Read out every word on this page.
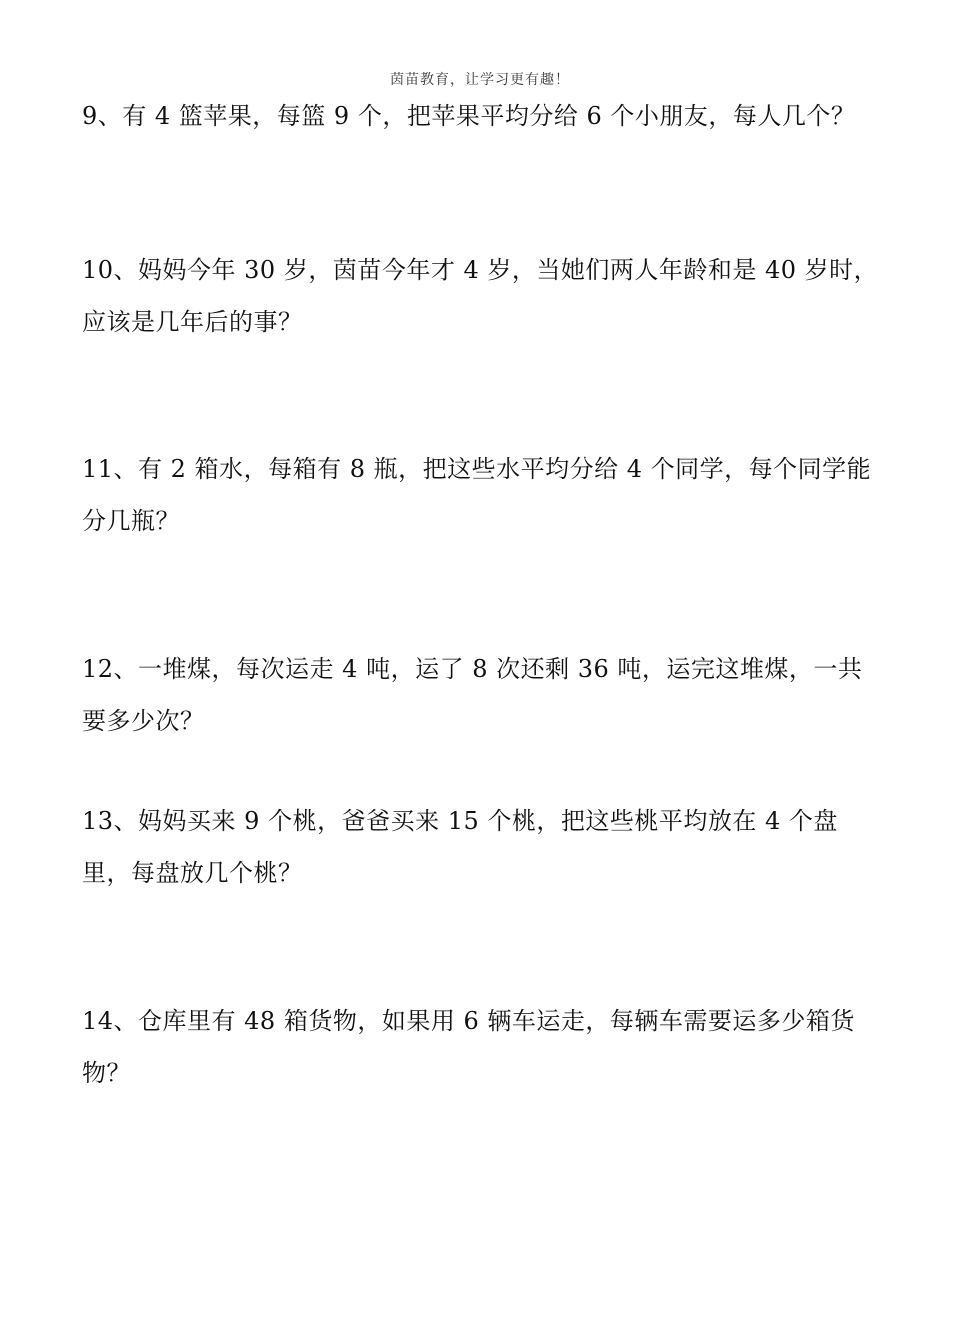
茵苗教育，让学习更有趣！

9、有 4 篮苹果，每篮 9 个，把苹果平均分给 6 个小朋友，每人几个？

10、妈妈今年 30 岁，茵苗今年才 4 岁，当她们两人年龄和是 40 岁时，应该是几年后的事？

11、有 2 箱水，每箱有 8 瓶，把这些水平均分给 4 个同学，每个同学能分几瓶？

12、一堆煤，每次运走 4 吨，运了 8 次还剩 36 吨，运完这堆煤，一共要多少次？

13、妈妈买来 9 个桃，爸爸买来 15 个桃，把这些桃平均放在 4 个盘里，每盘放几个桃？

14、仓库里有 48 箱货物，如果用 6 辆车运走，每辆车需要运多少箱货物？
